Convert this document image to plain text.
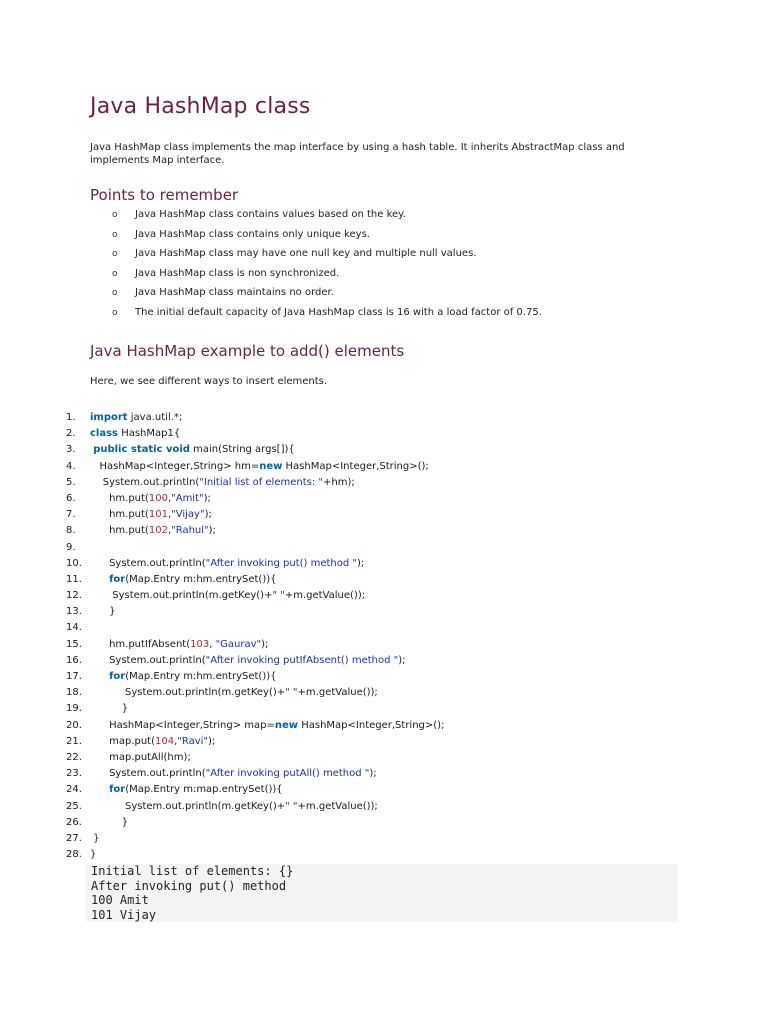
Java HashMap class

Java HashMap class implements the map interface by using a hash table. It inherits AbstractMap class and implements Map interface.

Points to remember
o Java HashMap class contains values based on the key.
o Java HashMap class contains only unique keys.
o Java HashMap class may have one null key and multiple null values.
o Java HashMap class is non synchronized.
o Java HashMap class maintains no order.
o The initial default capacity of Java HashMap class is 16 with a load factor of 0.75.
Java HashMap example to add() elements

Here, we see different ways to insert elements.

1.	import java.util.*;
2.	class HashMap1{
3.	public static void main(String args[]){
4.	HashMap<Integer,String> hm=new HashMap<Integer,String>();
5.	System.out.println("Initial list of elements: "+hm);
6.	hm.put(100,"Amit");
7.	hm.put(101,"Vijay");
8.	hm.put(102,"Rahul");
9.
10. System.out.println("After invoking put() method ");
11.	for(Map.Entry m:hm.entrySet()){
12. System.out.println(m.getKey()+" "+m.getValue());
13. }
14.
15. hm.putIfAbsent(103, "Gaurav");
16. System.out.println("After invoking putIfAbsent() method ");
17.	for(Map.Entry m:hm.entrySet()){
18. System.out.println(m.getKey()+" "+m.getValue());
19. }
20. HashMap<Integer,String> map=new HashMap<Integer,String>();
21. map.put(104,"Ravi");
22. map.putAll(hm);
23. System.out.println("After invoking putAll() method ");
24.	for(Map.Entry m:map.entrySet()){
25. System.out.println(m.getKey()+" "+m.getValue());
26. }
27. }
28. }
Initial list of elements: {}
After invoking put() method
100 Amit
101 Vijay
